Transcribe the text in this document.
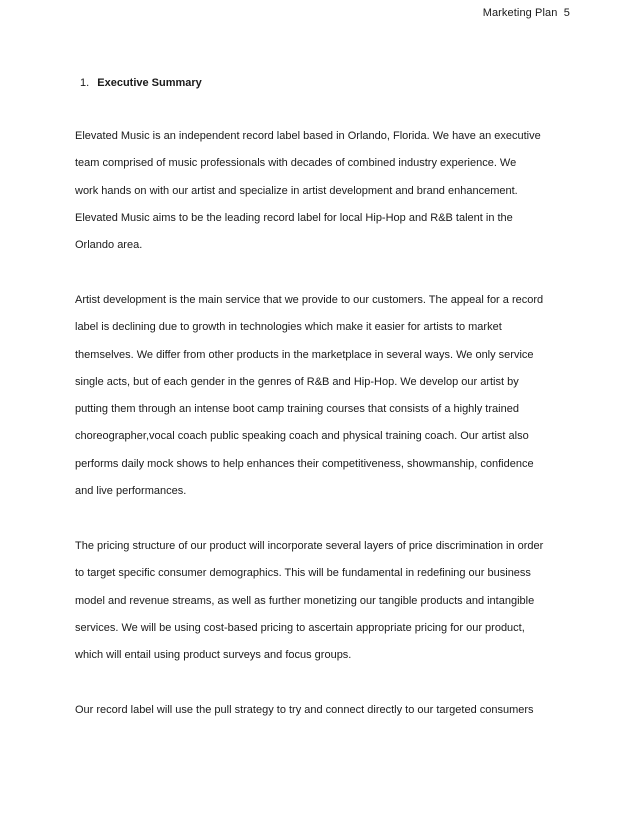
Marketing Plan 5
1. Executive Summary
Elevated Music is an independent record label based in Orlando, Florida. We have an executive
team comprised of music professionals with decades of combined industry experience. We
work hands on with our artist and specialize in artist development and brand enhancement.
Elevated Music aims to be the leading record label for local Hip-Hop and R&B talent in the
Orlando area.
Artist development is the main service that we provide to our customers. The appeal for a record
label is declining due to growth in technologies which make it easier for artists to market
themselves. We differ from other products in the marketplace in several ways. We only service
single acts, but of each gender in the genres of R&B and Hip-Hop. We develop our artist by
putting them through an intense boot camp training courses that consists of a highly trained
choreographer,vocal coach public speaking coach and physical training coach. Our artist also
performs daily mock shows to help enhances their competitiveness, showmanship, confidence
and live performances.
The pricing structure of our product will incorporate several layers of price discrimination in order
to target specific consumer demographics. This will be fundamental in redefining our business
model and revenue streams, as well as further monetizing our tangible products and intangible
services. We will be using cost-based pricing to ascertain appropriate pricing for our product,
which will entail using product surveys and focus groups.
Our record label will use the pull strategy to try and connect directly to our targeted consumers
